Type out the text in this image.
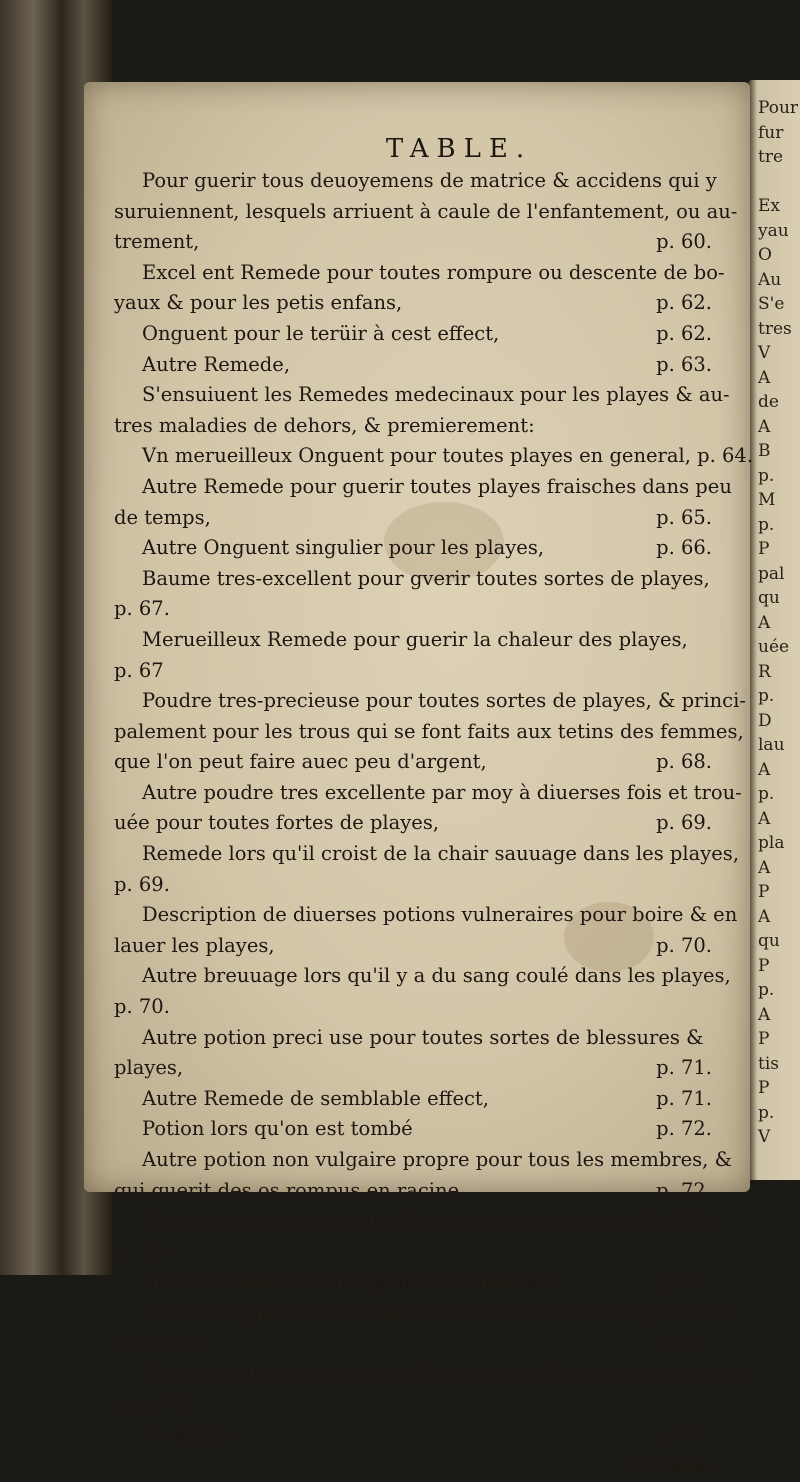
Pour
fur
tre
Ex
yau
O
Au
S'e
tres
V
A
de
A
B
p.
M
p.
P
pal
qu
A
uée
R
p.
D
lau
A
p.
A
pla
A
P
A
qu
P
p.
A
P
tis
P
p.
V
TABLE.
Pour guerir tous deuoyemens de matrice & accidens qui y
suruiennent, lesquels arriuent à caule de l'enfantement, ou au-
trement,	p. 60.
Excel ent Remede pour toutes rompure ou descente de bo-
yaux & pour les petis enfans,	p. 62.
Onguent pour le terüir à cest effect,	p. 62.
Autre Remede,	p. 63.
S'ensuiuent les Remedes medecinaux pour les playes & au-
tres maladies de dehors, & premierement:
Vn merueilleux Onguent pour toutes playes en general, p. 64.
Autre Remede pour guerir toutes playes fraisches dans peu
de temps,	p. 65.
Autre Onguent singulier pour les playes,	p. 66.
Baume tres-excellent pour gverir toutes sortes de playes,
p. 67.
Merueilleux Remede pour guerir la chaleur des playes,
p. 67
Poudre tres-precieuse pour toutes sortes de playes, & princi-
palement pour les trous qui se font faits aux tetins des femmes,
que l'on peut faire auec peu d'argent,	p. 68.
Autre poudre tres excellente par moy à diuerses fois et trou-
uée pour toutes fortes de playes,	p. 69.
Remede lors qu'il croist de la chair sauuage dans les playes,
p. 69.
Description de diuerses potions vulneraires pour boire & en
lauer les playes,	p. 70.
Autre breuuage lors qu'il y a du sang coulé dans les playes,
p. 70.
Autre potion preci use pour toutes sortes de blessures &
playes,	p. 71.
Autre Remede de semblable effect,	p. 71.
Potion lors qu'on est tombé	p. 72.
Autre potion non vulgaire propre pour tous les membres, &
qui guerit des os rompus en racine,	p. 72.
Pour le mal qui vient aux doigts, nommé le mal de S. Felix,
p. 73.
Autre remede asseuré pour le mesme mal,	p. 74.
Pour la Teigne ou tache de la teste tant aux vieux qu'aux pe-
tis enfans,	p. 74.
Pour arrester promptement l'eau qui tombe sur les membres,
pag. 75.
Vn autre	p. 75.
Remede
